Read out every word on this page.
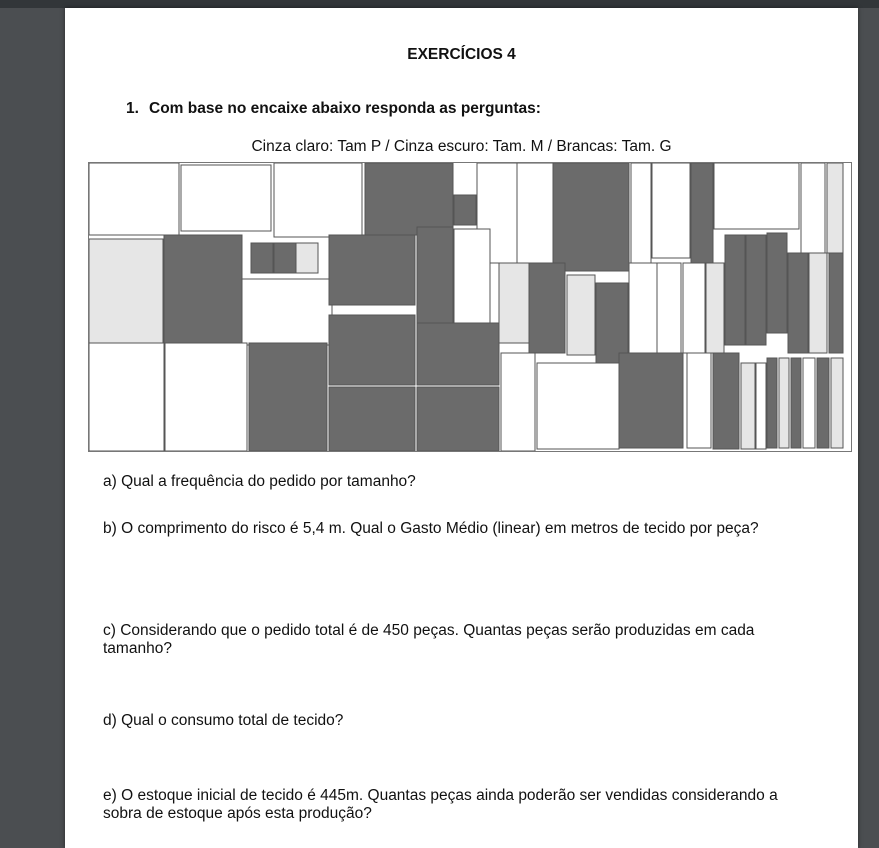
EXERCÍCIOS 4
1. Com base no encaixe abaixo responda as perguntas:
Cinza claro: Tam P / Cinza escuro: Tam. M / Brancas: Tam. G
a) Qual a frequência do pedido por tamanho?
b) O comprimento do risco é 5,4 m. Qual o Gasto Médio (linear) em metros de tecido por peça?
c) Considerando que o pedido total é de 450 peças. Quantas peças serão produzidas em cada tamanho?
d) Qual o consumo total de tecido?
e) O estoque inicial de tecido é 445m. Quantas peças ainda poderão ser vendidas considerando a sobra de estoque após esta produção?
